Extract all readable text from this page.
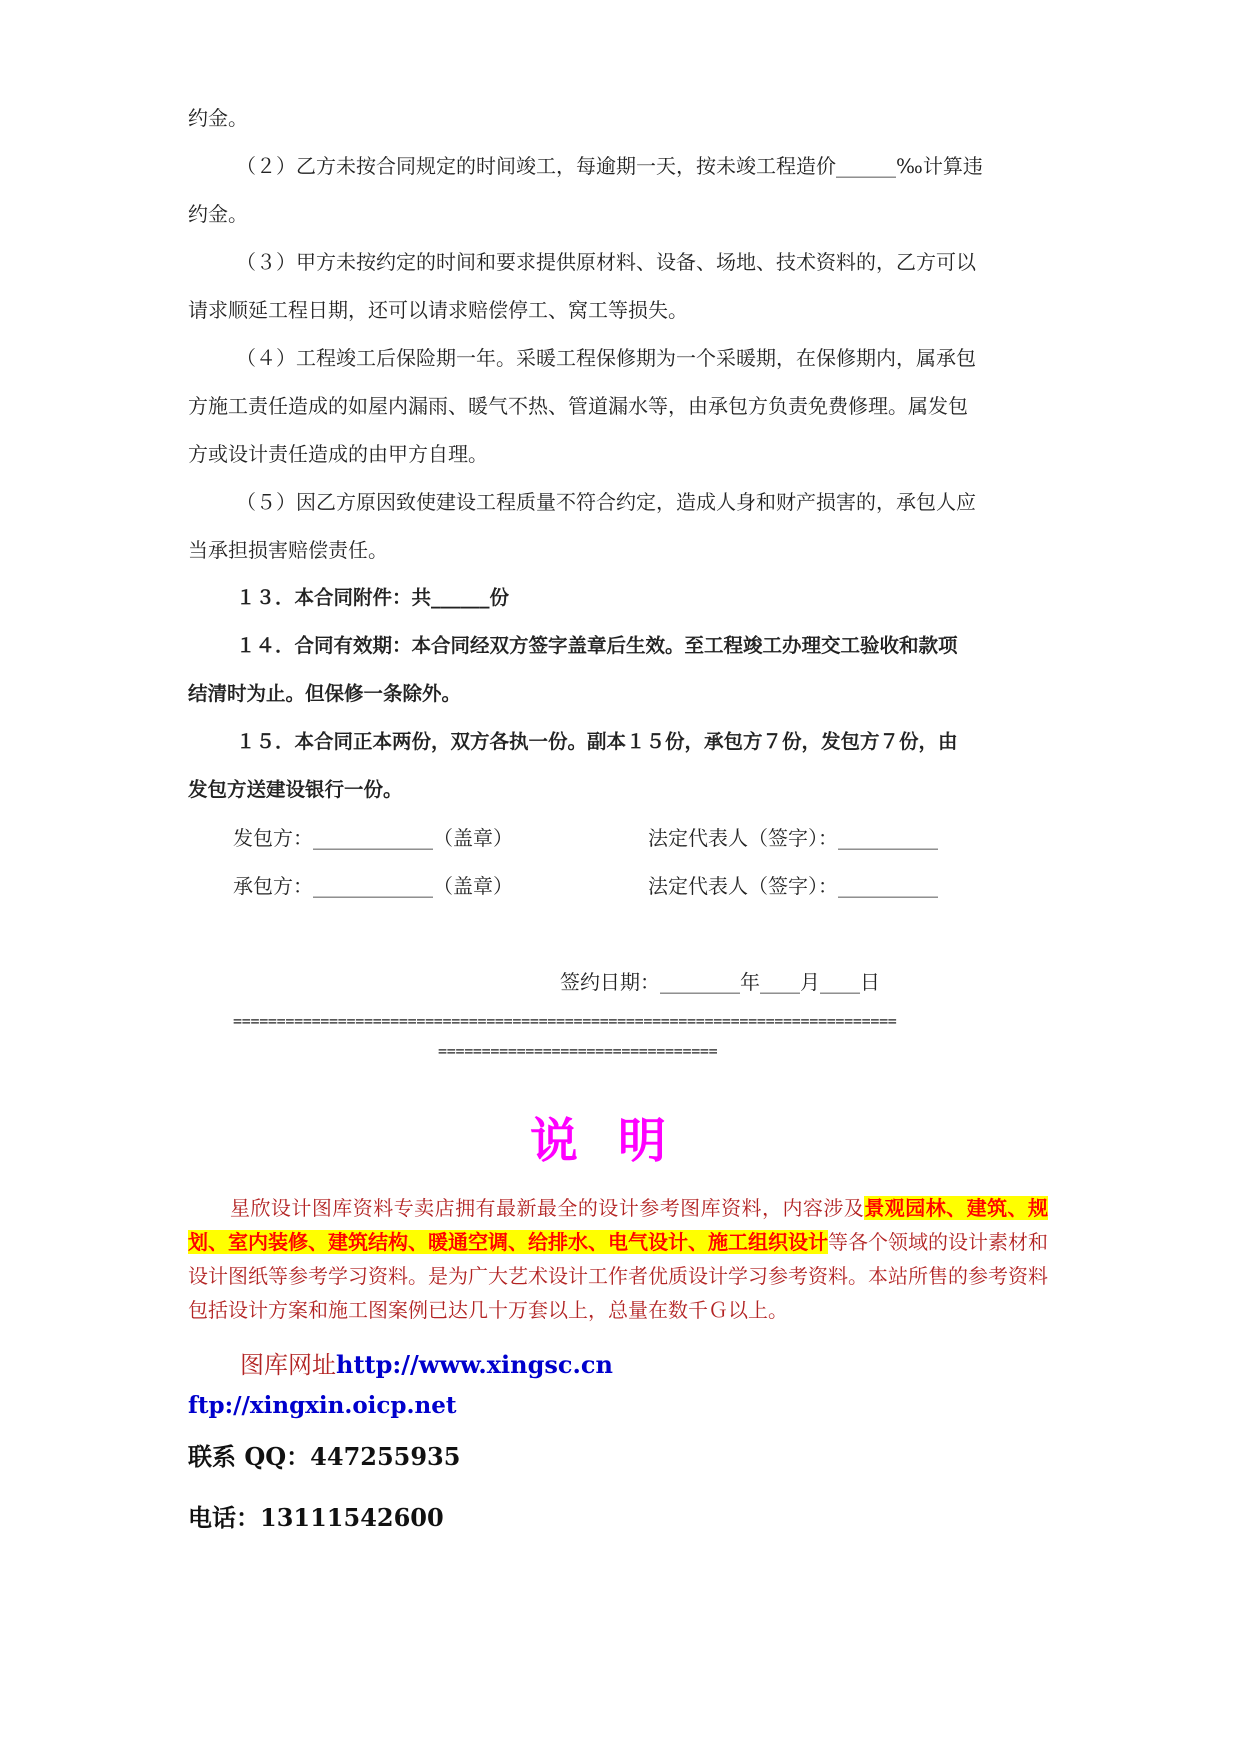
约金。
（２）乙方未按合同规定的时间竣工，每逾期一天，按未竣工程造价______‰计算违
约金。
（３）甲方未按约定的时间和要求提供原材料、设备、场地、技术资料的，乙方可以
请求顺延工程日期，还可以请求赔偿停工、窝工等损失。
（４）工程竣工后保险期一年。采暖工程保修期为一个采暖期，在保修期内，属承包
方施工责任造成的如屋内漏雨、暖气不热、管道漏水等，由承包方负责免费修理。属发包
方或设计责任造成的由甲方自理。
（５）因乙方原因致使建设工程质量不符合约定，造成人身和财产损害的，承包人应
当承担损害赔偿责任。
１３．本合同附件：共______份
１４．合同有效期：本合同经双方签字盖章后生效。至工程竣工办理交工验收和款项
结清时为止。但保修一条除外。
１５．本合同正本两份，双方各执一份。副本１５份，承包方７份，发包方７份，由
发包方送建设银行一份。
发包方：____________（盖章）	法定代表人（签字）：__________
承包方：____________（盖章）	法定代表人（签字）：__________
签约日期：________年____月____日
============================================================================
================================
说明

星欣设计图库资料专卖店拥有最新最全的设计参考图库资料，内容涉及景观园林、建筑、规划、室内装修、建筑结构、暖通空调、给排水、电气设计、施工组织设计等各个领域的设计素材和设计图纸等参考学习资料。是为广大艺术设计工作者优质设计学习参考资料。本站所售的参考资料包括设计方案和施工图案例已达几十万套以上，总量在数千Ｇ以上。

图库网址http://www.xingsc.cn
ftp://xingxin.oicp.net
联系 QQ：447255935
电话：13111542600
